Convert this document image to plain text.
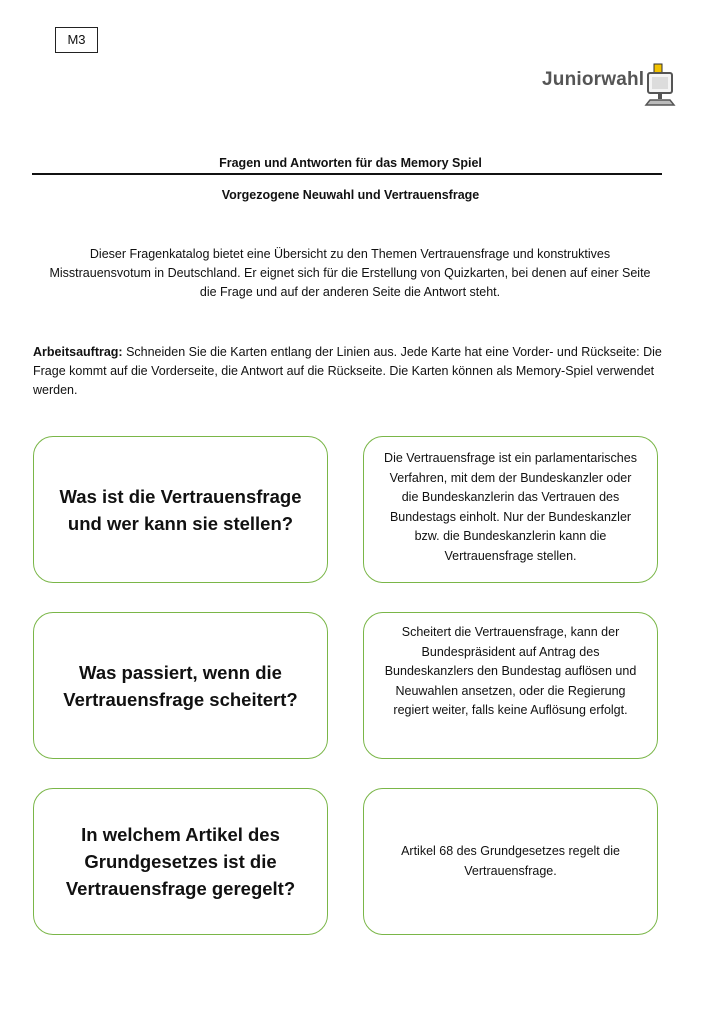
M3
Juniorwahl
Fragen und Antworten für das Memory Spiel
Vorgezogene Neuwahl und Vertrauensfrage
Dieser Fragenkatalog bietet eine Übersicht zu den Themen Vertrauensfrage und konstruktives Misstrauensvotum in Deutschland. Er eignet sich für die Erstellung von Quizkarten, bei denen auf einer Seite die Frage und auf der anderen Seite die Antwort steht.
Arbeitsauftrag: Schneiden Sie die Karten entlang der Linien aus. Jede Karte hat eine Vorder- und Rückseite: Die Frage kommt auf die Vorderseite, die Antwort auf die Rückseite. Die Karten können als Memory-Spiel verwendet werden.
Was ist die Vertrauensfrage und wer kann sie stellen?
Die Vertrauensfrage ist ein parlamentarisches Verfahren, mit dem der Bundeskanzler oder die Bundeskanzlerin das Vertrauen des Bundestags einholt. Nur der Bundeskanzler bzw. die Bundeskanzlerin kann die Vertrauensfrage stellen.
Was passiert, wenn die Vertrauensfrage scheitert?
Scheitert die Vertrauensfrage, kann der Bundespräsident auf Antrag des Bundeskanzlers den Bundestag auflösen und Neuwahlen ansetzen, oder die Regierung regiert weiter, falls keine Auflösung erfolgt.
In welchem Artikel des Grundgesetzes ist die Vertrauensfrage geregelt?
Artikel 68 des Grundgesetzes regelt die Vertrauensfrage.
